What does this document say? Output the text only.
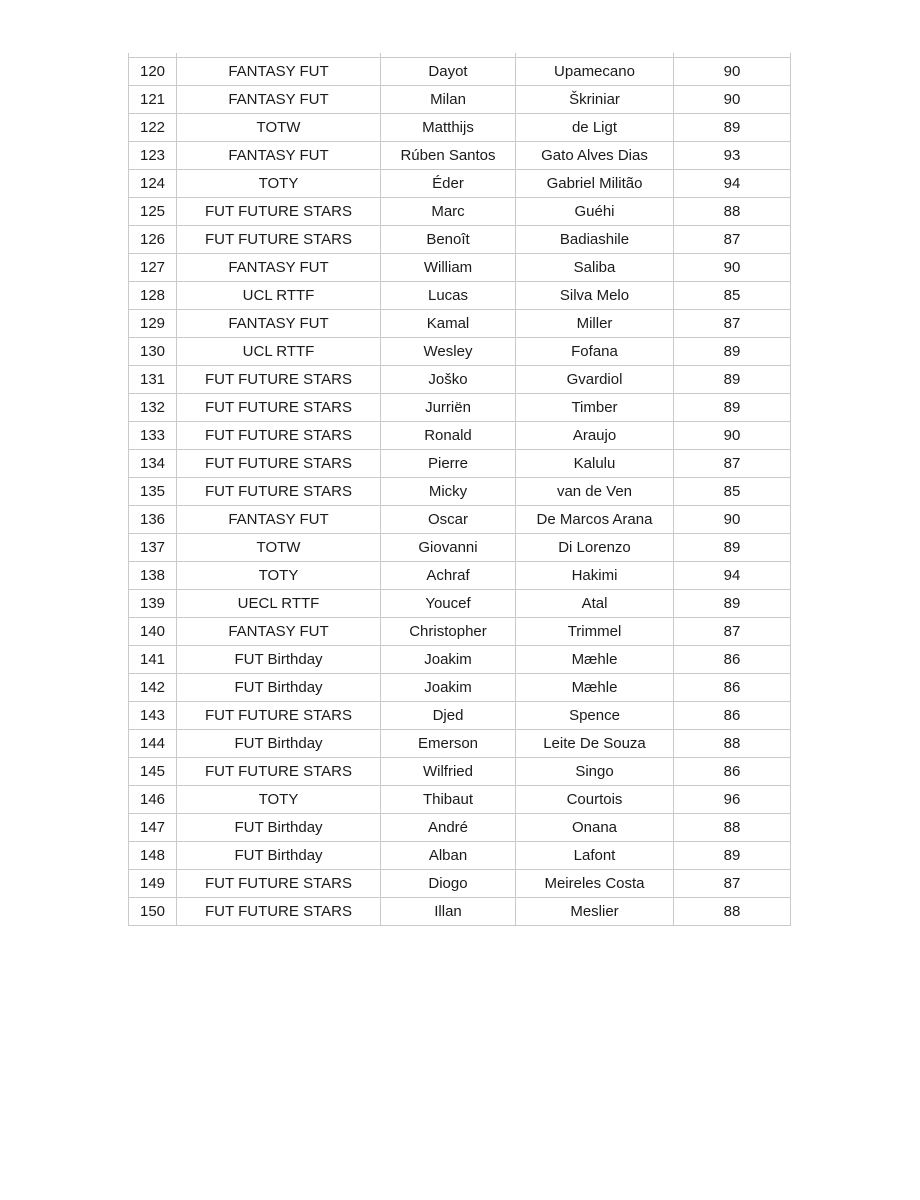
120	FANTASY FUT	Dayot	Upamecano	90
121	FANTASY FUT	Milan	Škriniar	90
122	TOTW	Matthijs	de Ligt	89
123	FANTASY FUT	Rúben Santos	Gato Alves Dias	93
124	TOTY	Éder	Gabriel Militão	94
125	FUT FUTURE STARS	Marc	Guéhi	88
126	FUT FUTURE STARS	Benoît	Badiashile	87
127	FANTASY FUT	William	Saliba	90
128	UCL RTTF	Lucas	Silva Melo	85
129	FANTASY FUT	Kamal	Miller	87
130	UCL RTTF	Wesley	Fofana	89
131	FUT FUTURE STARS	Joško	Gvardiol	89
132	FUT FUTURE STARS	Jurriën	Timber	89
133	FUT FUTURE STARS	Ronald	Araujo	90
134	FUT FUTURE STARS	Pierre	Kalulu	87
135	FUT FUTURE STARS	Micky	van de Ven	85
136	FANTASY FUT	Oscar	De Marcos Arana	90
137	TOTW	Giovanni	Di Lorenzo	89
138	TOTY	Achraf	Hakimi	94
139	UECL RTTF	Youcef	Atal	89
140	FANTASY FUT	Christopher	Trimmel	87
141	FUT Birthday	Joakim	Mæhle	86
142	FUT Birthday	Joakim	Mæhle	86
143	FUT FUTURE STARS	Djed	Spence	86
144	FUT Birthday	Emerson	Leite De Souza	88
145	FUT FUTURE STARS	Wilfried	Singo	86
146	TOTY	Thibaut	Courtois	96
147	FUT Birthday	André	Onana	88
148	FUT Birthday	Alban	Lafont	89
149	FUT FUTURE STARS	Diogo	Meireles Costa	87
150	FUT FUTURE STARS	Illan	Meslier	88
